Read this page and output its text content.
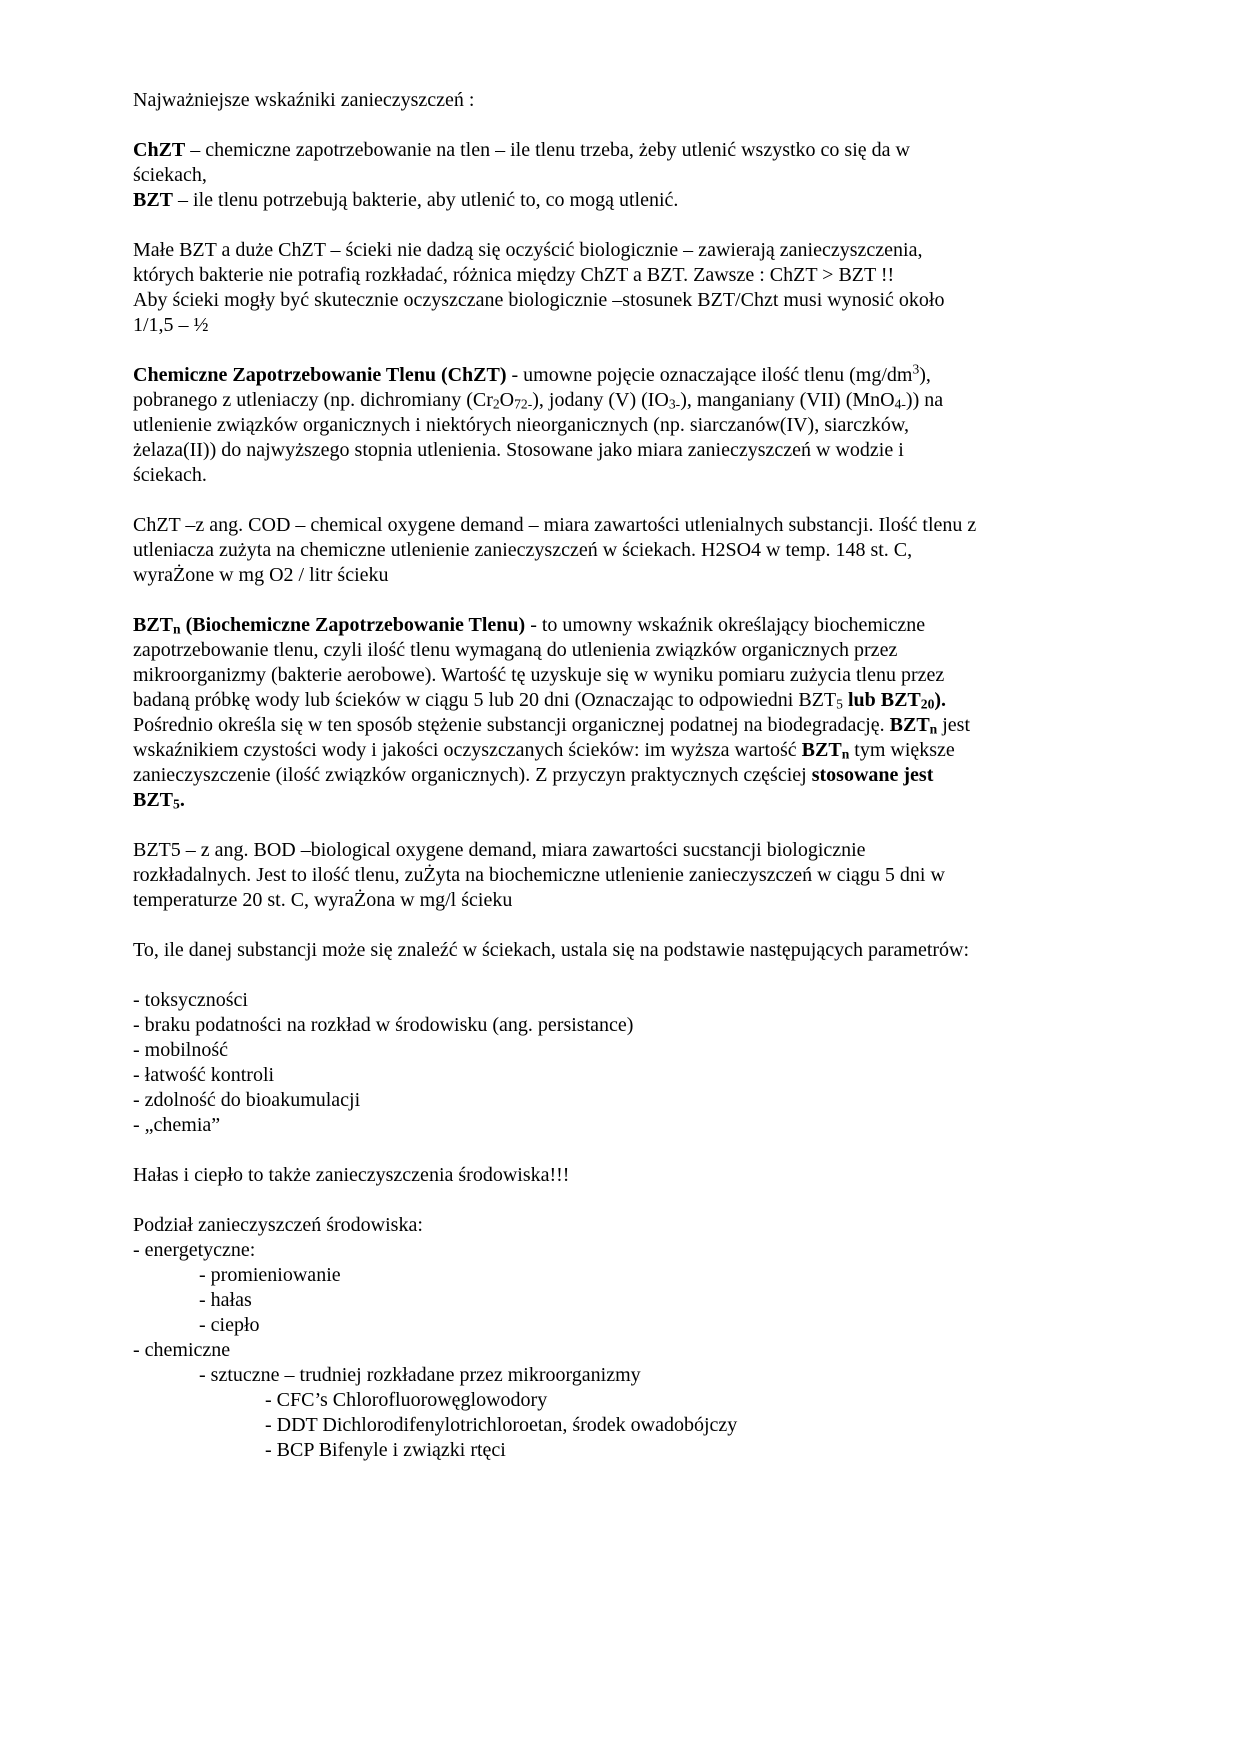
Najważniejsze wskaźniki zanieczyszczeń :
ChZT – chemiczne zapotrzebowanie na tlen – ile tlenu trzeba, żeby utlenić wszystko co się da w ściekach,
BZT – ile tlenu potrzebują bakterie, aby utlenić to, co mogą utlenić.
Małe BZT a duże ChZT – ścieki nie dadzą się oczyścić biologicznie – zawierają zanieczyszczenia, których bakterie nie potrafią rozkładać, różnica między ChZT a BZT. Zawsze : ChZT > BZT !!
Aby ścieki mogły być skutecznie oczyszczane biologicznie –stosunek BZT/Chzt musi wynosić około 1/1,5 – ½
Chemiczne Zapotrzebowanie Tlenu (ChZT) - umowne pojęcie oznaczające ilość tlenu $(mg/dm^3)$, pobranego z utleniaczy (np. dichromiany $(Cr_2O_{72-})$, jodany (V) $(IO_{3-})$, manganiany (VII) (MnO$_{4-}$)) na utlenienie związków organicznych i niektórych nieorganicznych (np. siarczanów(IV), siarczków, żelaza(II)) do najwyższego stopnia utlenienia. Stosowane jako miara zanieczyszczeń w wodzie i ściekach.
ChZT –z ang. COD – chemical oxygene demand – miara zawartości utlenialnych substancji. Ilość tlenu z utleniacza zużyta na chemiczne utlenienie zanieczyszczeń w ściekach. H2SO4 w temp. 148 st. C, wyraŻone w mg O2 / litr ścieku
$BZT_n$ (Biochemiczne Zapotrzebowanie Tlenu) - to umowny wskaźnik określający biochemiczne zapotrzebowanie tlenu, czyli ilość tlenu wymaganą do utlenienia związków organicznych przez mikroorganizmy (bakterie aerobowe). Wartość tę uzyskuje się w wyniku pomiaru zużycia tlenu przez badaną próbkę wody lub ścieków w ciągu 5 lub 20 dni (Oznaczając to odpowiedni $BZT_5$ lub $BZT_{20}$). Pośrednio określa się w ten sposób stężenie substancji organicznej podatnej na biodegradację. $BZT_n$ jest wskaźnikiem czystości wody i jakości oczyszczanych ścieków: im wyższa wartość $BZT_n$ tym większe zanieczyszczenie (ilość związków organicznych). Z przyczyn praktycznych częściej stosowane jest $BZT_5$.
BZT5 – z ang. BOD –biological oxygene demand, miara zawartości sucstancji biologicznie rozkładalnych. Jest to ilość tlenu, zuŻyta na biochemiczne utlenienie zanieczyszczeń w ciągu 5 dni w temperaturze 20 st. C, wyraŻona w mg/l ścieku
To, ile danej substancji może się znaleźć w ściekach, ustala się na podstawie następujących parametrów:
- toksyczności
- braku podatności na rozkład w środowisku (ang. persistance)
- mobilność
- łatwość kontroli
- zdolność do bioakumulacji
- „chemia”
Hałas i ciepło to także zanieczyszczenia środowiska!!!
Podział zanieczyszczeń środowiska:
- energetyczne:
- promieniowanie
- hałas
- ciepło
- chemiczne
- sztuczne – trudniej rozkładane przez mikroorganizmy
- CFC’s Chlorofluorowęglowodory
- DDT Dichlorodifenylotrichloroetan, środek owadobójczy
- BCP Bifenyle i związki rtęci
